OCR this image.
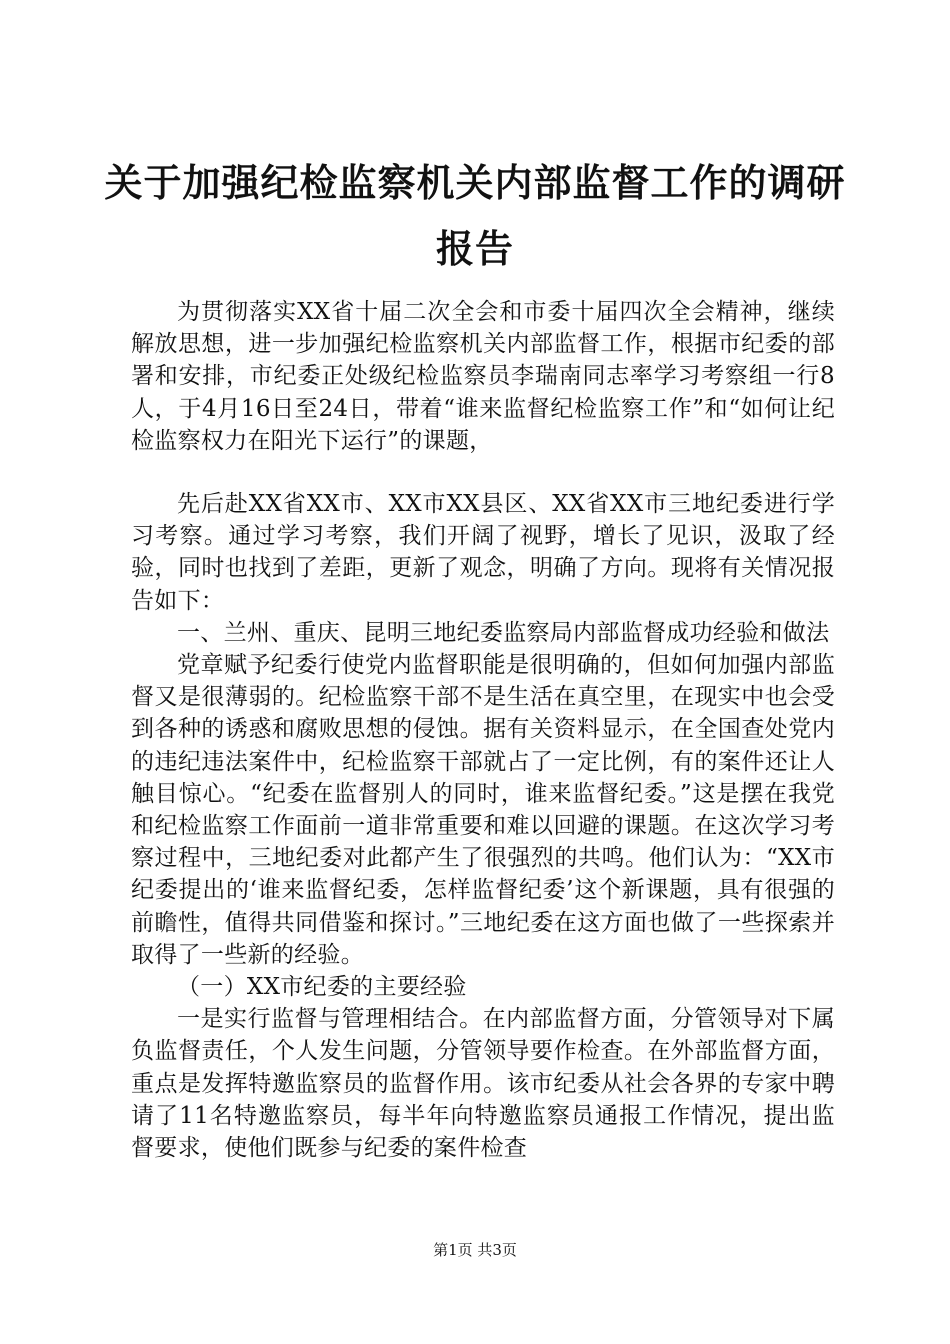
关于加强纪检监察机关内部监督工作的调研报告

为贯彻落实XX省十届二次全会和市委十届四次全会精神，继续解放思想，进一步加强纪检监察机关内部监督工作，根据市纪委的部署和安排，市纪委正处级纪检监察员李瑞南同志率学习考察组一行8人，于4月16日至24日，带着“谁来监督纪检监察工作”和“如何让纪检监察权力在阳光下运行”的课题，

先后赴XX省XX市、XX市XX县区、XX省XX市三地纪委进行学习考察。通过学习考察，我们开阔了视野，增长了见识，汲取了经验，同时也找到了差距，更新了观念，明确了方向。现将有关情况报告如下：

一、兰州、重庆、昆明三地纪委监察局内部监督成功经验和做法

党章赋予纪委行使党内监督职能是很明确的，但如何加强内部监督又是很薄弱的。纪检监察干部不是生活在真空里，在现实中也会受到各种的诱惑和腐败思想的侵蚀。据有关资料显示，在全国查处党内的违纪违法案件中，纪检监察干部就占了一定比例，有的案件还让人触目惊心。“纪委在监督别人的同时，谁来监督纪委。”这是摆在我党和纪检监察工作面前一道非常重要和难以回避的课题。在这次学习考察过程中，三地纪委对此都产生了很强烈的共鸣。他们认为：“XX市纪委提出的‘谁来监督纪委，怎样监督纪委’这个新课题，具有很强的前瞻性，值得共同借鉴和探讨。”三地纪委在这方面也做了一些探索并取得了一些新的经验。

（一）XX市纪委的主要经验

一是实行监督与管理相结合。在内部监督方面，分管领导对下属负监督责任，个人发生问题，分管领导要作检查。在外部监督方面，重点是发挥特邀监察员的监督作用。该市纪委从社会各界的专家中聘请了11名特邀监察员，每半年向特邀监察员通报工作情况，提出监督要求，使他们既参与纪委的案件检查

第1页 共3页
